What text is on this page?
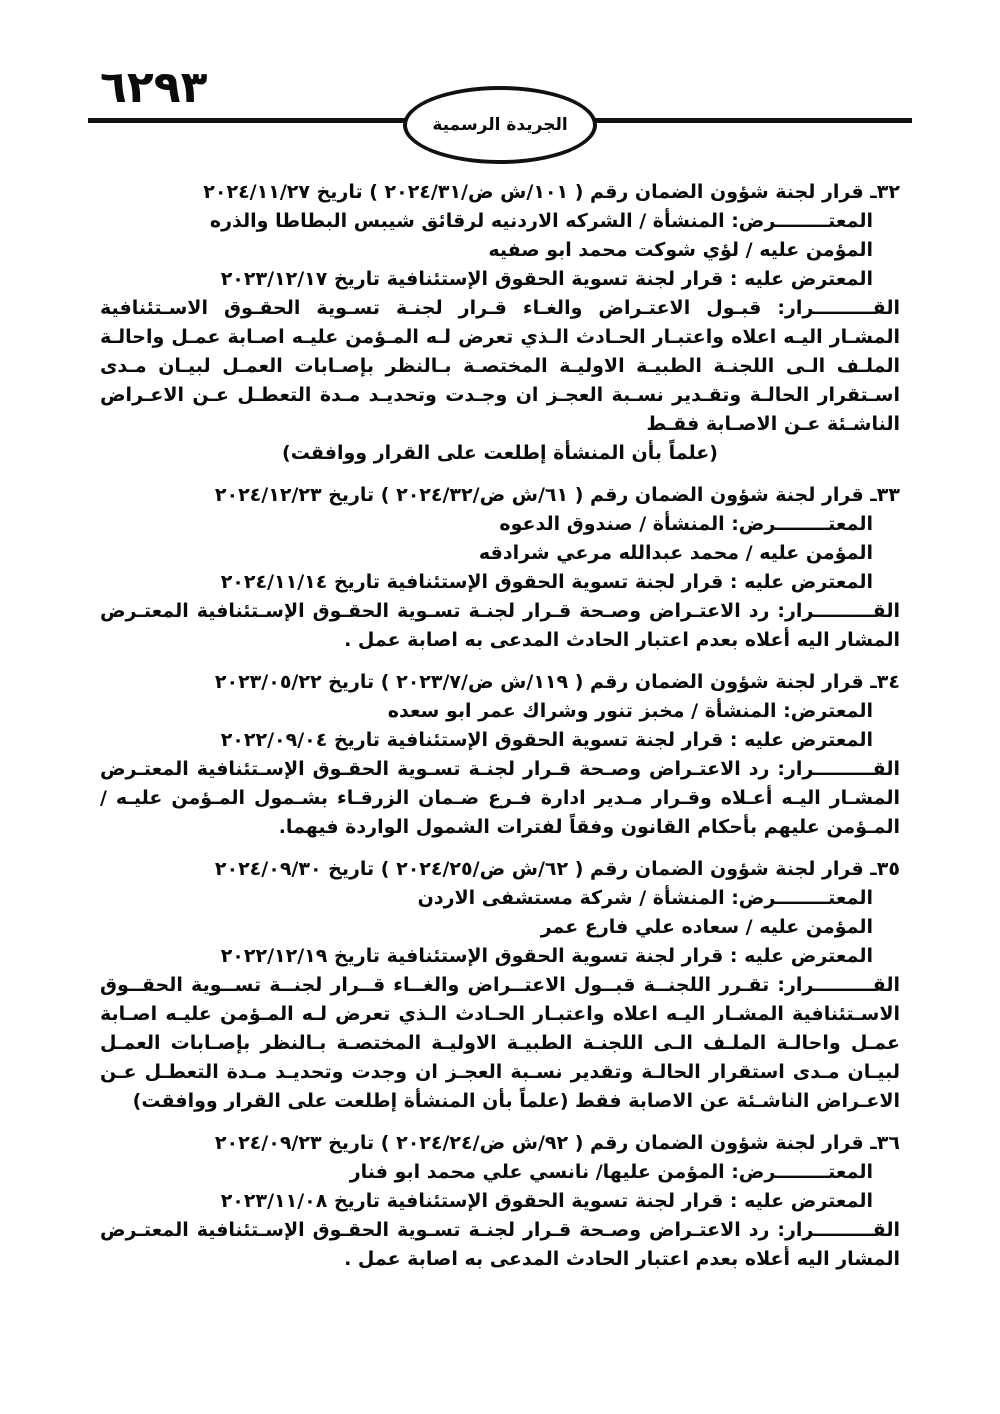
٦٢٩٣
الجريدة الرسمية
٣٢ـ قرار لجنة شؤون الضمان رقم ( ١٠١/ش ض/٢٠٢٤/٣١ ) تاريخ ٢٠٢٤/١١/٢٧
المعتــــــــرض: المنشأة / الشركه الاردنيه لرقائق شيبس البطاطا والذره
المؤمن عليه / لؤي شوكت محمد ابو صفيه
المعترض عليه : قرار لجنة تسوية الحقوق الإستئنافية تاريخ ٢٠٢٣/١٢/١٧
القـــــــــرار: قبـول الاعتـراض والغـاء قـرار لجنـة تسـوية الحقـوق الاسـتئنافية المشـار اليـه اعلاه واعتبـار الحـادث الـذي تعرض لـه المـؤمن عليـه اصـابة عمـل واحالـة الملـف الـى اللجنـة الطبيـة الاوليـة المختصـة بـالنظر بإصـابات العمـل لبيـان مـدى اسـتقرار الحالـة وتقـدير نسـبة العجـز ان وجـدت وتحديـد مـدة التعطـل عـن الاعـراض الناشـئة عـن الاصـابة فقـط
(علماً بأن المنشأة إطلعت على القرار ووافقت)
٣٣ـ قرار لجنة شؤون الضمان رقم ( ٦١/ش ض/٢٠٢٤/٣٢ ) تاريخ ٢٠٢٤/١٢/٢٣
المعتــــــــرض: المنشأة / صندوق الدعوه
المؤمن عليه / محمد عبدالله مرعي شرادقه
المعترض عليه : قرار لجنة تسوية الحقوق الإستئنافية تاريخ ٢٠٢٤/١١/١٤
القـــــــــرار: رد الاعتـراض وصـحة قـرار لجنـة تسـوية الحقـوق الإسـتئنافية المعتـرض المشار اليه أعلاه بعدم اعتبار الحادث المدعى به اصابة عمل .
٣٤ـ قرار لجنة شؤون الضمان رقم ( ١١٩/ش ض/٢٠٢٣/٧ ) تاريخ ٢٠٢٣/٠٥/٢٢
المعترض: المنشأة / مخبز تنور وشراك عمر ابو سعده
المعترض عليه : قرار لجنة تسوية الحقوق الإستئنافية تاريخ ٢٠٢٢/٠٩/٠٤
القـــــــــرار: رد الاعتـراض وصـحة قـرار لجنـة تسـوية الحقـوق الإسـتئنافية المعتـرض المشـار اليـه أعـلاه وقـرار مـدير ادارة فـرع ضـمان الزرقـاء بشـمول المـؤمن عليـه / المـؤمن عليهم بأحكام القانون وفقاً لفترات الشمول الواردة فيهما.
٣٥ـ قرار لجنة شؤون الضمان رقم ( ٦٢/ش ض/٢٠٢٤/٢٥ ) تاريخ ٢٠٢٤/٠٩/٣٠
المعتــــــــرض: المنشأة / شركة مستشفى الاردن
المؤمن عليه / سعاده علي فارع عمر
المعترض عليه : قرار لجنة تسوية الحقوق الإستئنافية تاريخ ٢٠٢٢/١٢/١٩
القـــــــــرار: تقـرر اللجنــة قبــول الاعتــراض والغــاء قــرار لجنــة تســوية الحقــوق الاسـتئنافية المشـار اليـه اعلاه واعتبـار الحـادث الـذي تعرض لـه المـؤمن عليـه اصـابة عمـل واحالـة الملـف الـى اللجنـة الطبيـة الاوليـة المختصـة بـالنظر بإصـابات العمـل لبيـان مـدى استقرار الحالـة وتقدير نسـبة العجـز ان وجدت وتحديـد مـدة التعطـل عـن الاعـراض الناشـئة عن الاصابة فقط (علماً بأن المنشأة إطلعت على القرار ووافقت)
٣٦ـ قرار لجنة شؤون الضمان رقم ( ٩٢/ش ض/٢٠٢٤/٢٤ ) تاريخ ٢٠٢٤/٠٩/٢٣
المعتــــــــرض: المؤمن عليها/ نانسي علي محمد ابو فنار
المعترض عليه : قرار لجنة تسوية الحقوق الإستئنافية تاريخ ٢٠٢٣/١١/٠٨
القـــــــــرار: رد الاعتـراض وصـحة قـرار لجنـة تسـوية الحقـوق الإسـتئنافية المعتـرض المشار اليه أعلاه بعدم اعتبار الحادث المدعى به اصابة عمل .
